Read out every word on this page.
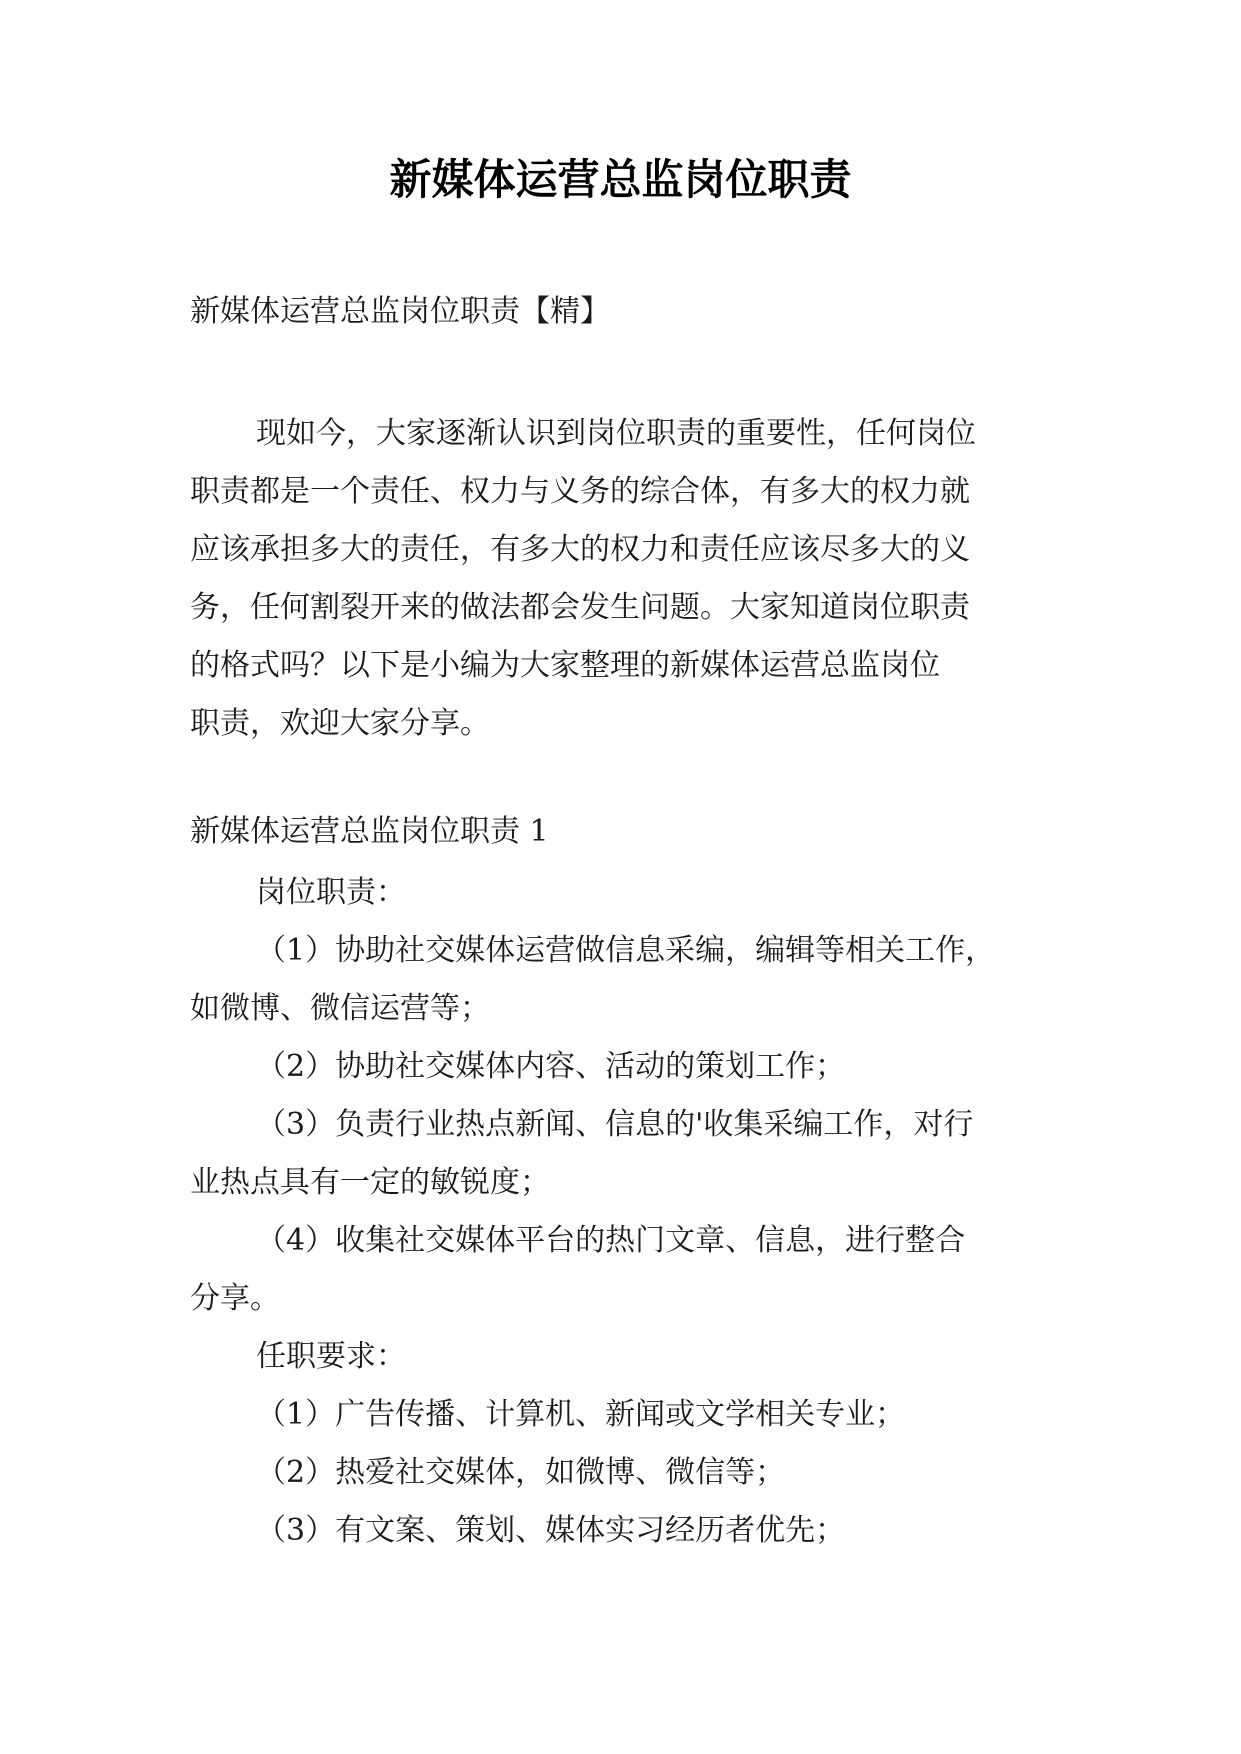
新媒体运营总监岗位职责
新媒体运营总监岗位职责【精】
现如今，大家逐渐认识到岗位职责的重要性，任何岗位
职责都是一个责任、权力与义务的综合体，有多大的权力就
应该承担多大的责任，有多大的权力和责任应该尽多大的义
务，任何割裂开来的做法都会发生问题。大家知道岗位职责
的格式吗？以下是小编为大家整理的新媒体运营总监岗位
职责，欢迎大家分享。
新媒体运营总监岗位职责 1
岗位职责：
（1）协助社交媒体运营做信息采编，编辑等相关工作，
如微博、微信运营等；
（2）协助社交媒体内容、活动的策划工作；
（3）负责行业热点新闻、信息的'收集采编工作，对行
业热点具有一定的敏锐度；
（4）收集社交媒体平台的热门文章、信息，进行整合
分享。
任职要求：
（1）广告传播、计算机、新闻或文学相关专业；
（2）热爱社交媒体，如微博、微信等；
（3）有文案、策划、媒体实习经历者优先；
